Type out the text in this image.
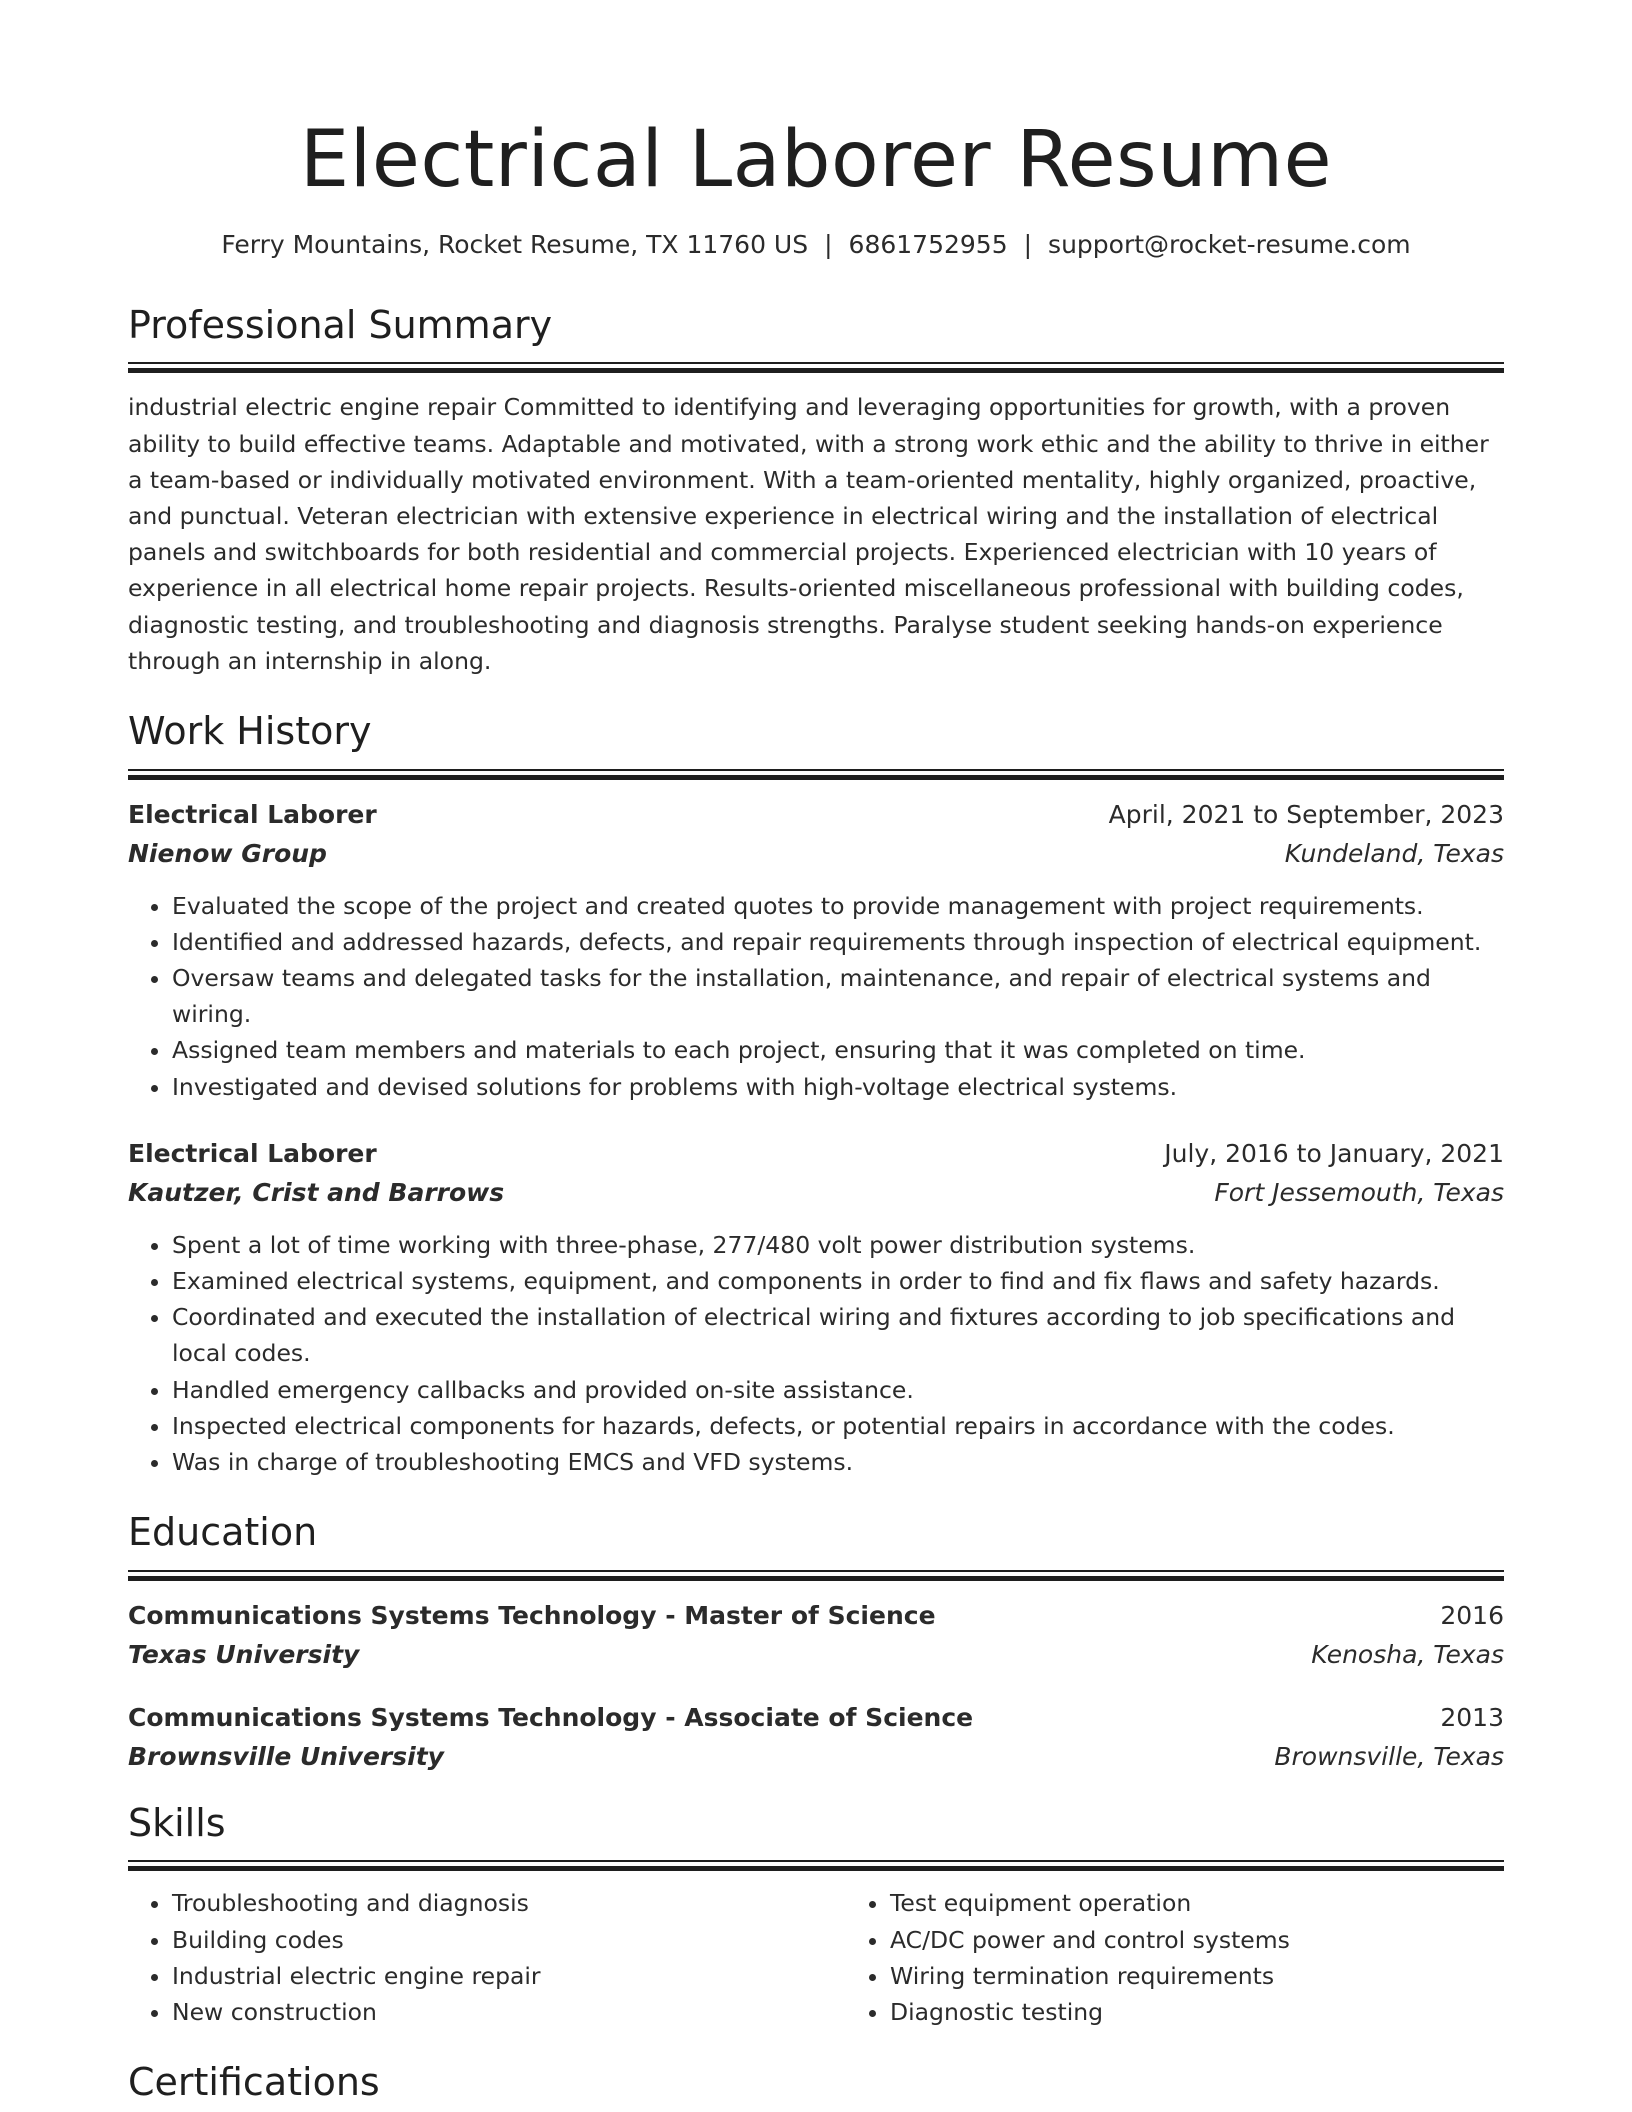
Electrical Laborer Resume
Ferry Mountains, Rocket Resume, TX 11760 US | 6861752955 | support@rocket-resume.com
Professional Summary
industrial electric engine repair Committed to identifying and leveraging opportunities for growth, with a proven ability to build effective teams. Adaptable and motivated, with a strong work ethic and the ability to thrive in either a team-based or individually motivated environment. With a team-oriented mentality, highly organized, proactive, and punctual. Veteran electrician with extensive experience in electrical wiring and the installation of electrical panels and switchboards for both residential and commercial projects. Experienced electrician with 10 years of experience in all electrical home repair projects. Results-oriented miscellaneous professional with building codes, diagnostic testing, and troubleshooting and diagnosis strengths. Paralyse student seeking hands-on experience through an internship in along.
Work History
Electrical Laborer	April, 2021 to September, 2023
Nienow Group	Kundeland, Texas
• Evaluated the scope of the project and created quotes to provide management with project requirements.
• Identified and addressed hazards, defects, and repair requirements through inspection of electrical equipment.
• Oversaw teams and delegated tasks for the installation, maintenance, and repair of electrical systems and wiring.
• Assigned team members and materials to each project, ensuring that it was completed on time.
• Investigated and devised solutions for problems with high-voltage electrical systems.
Electrical Laborer	July, 2016 to January, 2021
Kautzer, Crist and Barrows	Fort Jessemouth, Texas
• Spent a lot of time working with three-phase, 277/480 volt power distribution systems.
• Examined electrical systems, equipment, and components in order to find and fix flaws and safety hazards.
• Coordinated and executed the installation of electrical wiring and fixtures according to job specifications and local codes.
• Handled emergency callbacks and provided on-site assistance.
• Inspected electrical components for hazards, defects, or potential repairs in accordance with the codes.
• Was in charge of troubleshooting EMCS and VFD systems.
Education
Communications Systems Technology - Master of Science	2016
Texas University	Kenosha, Texas
Communications Systems Technology - Associate of Science	2013
Brownsville University	Brownsville, Texas
Skills
• Troubleshooting and diagnosis
• Building codes
• Industrial electric engine repair
• New construction
• Test equipment operation
• AC/DC power and control systems
• Wiring termination requirements
• Diagnostic testing
Certifications
